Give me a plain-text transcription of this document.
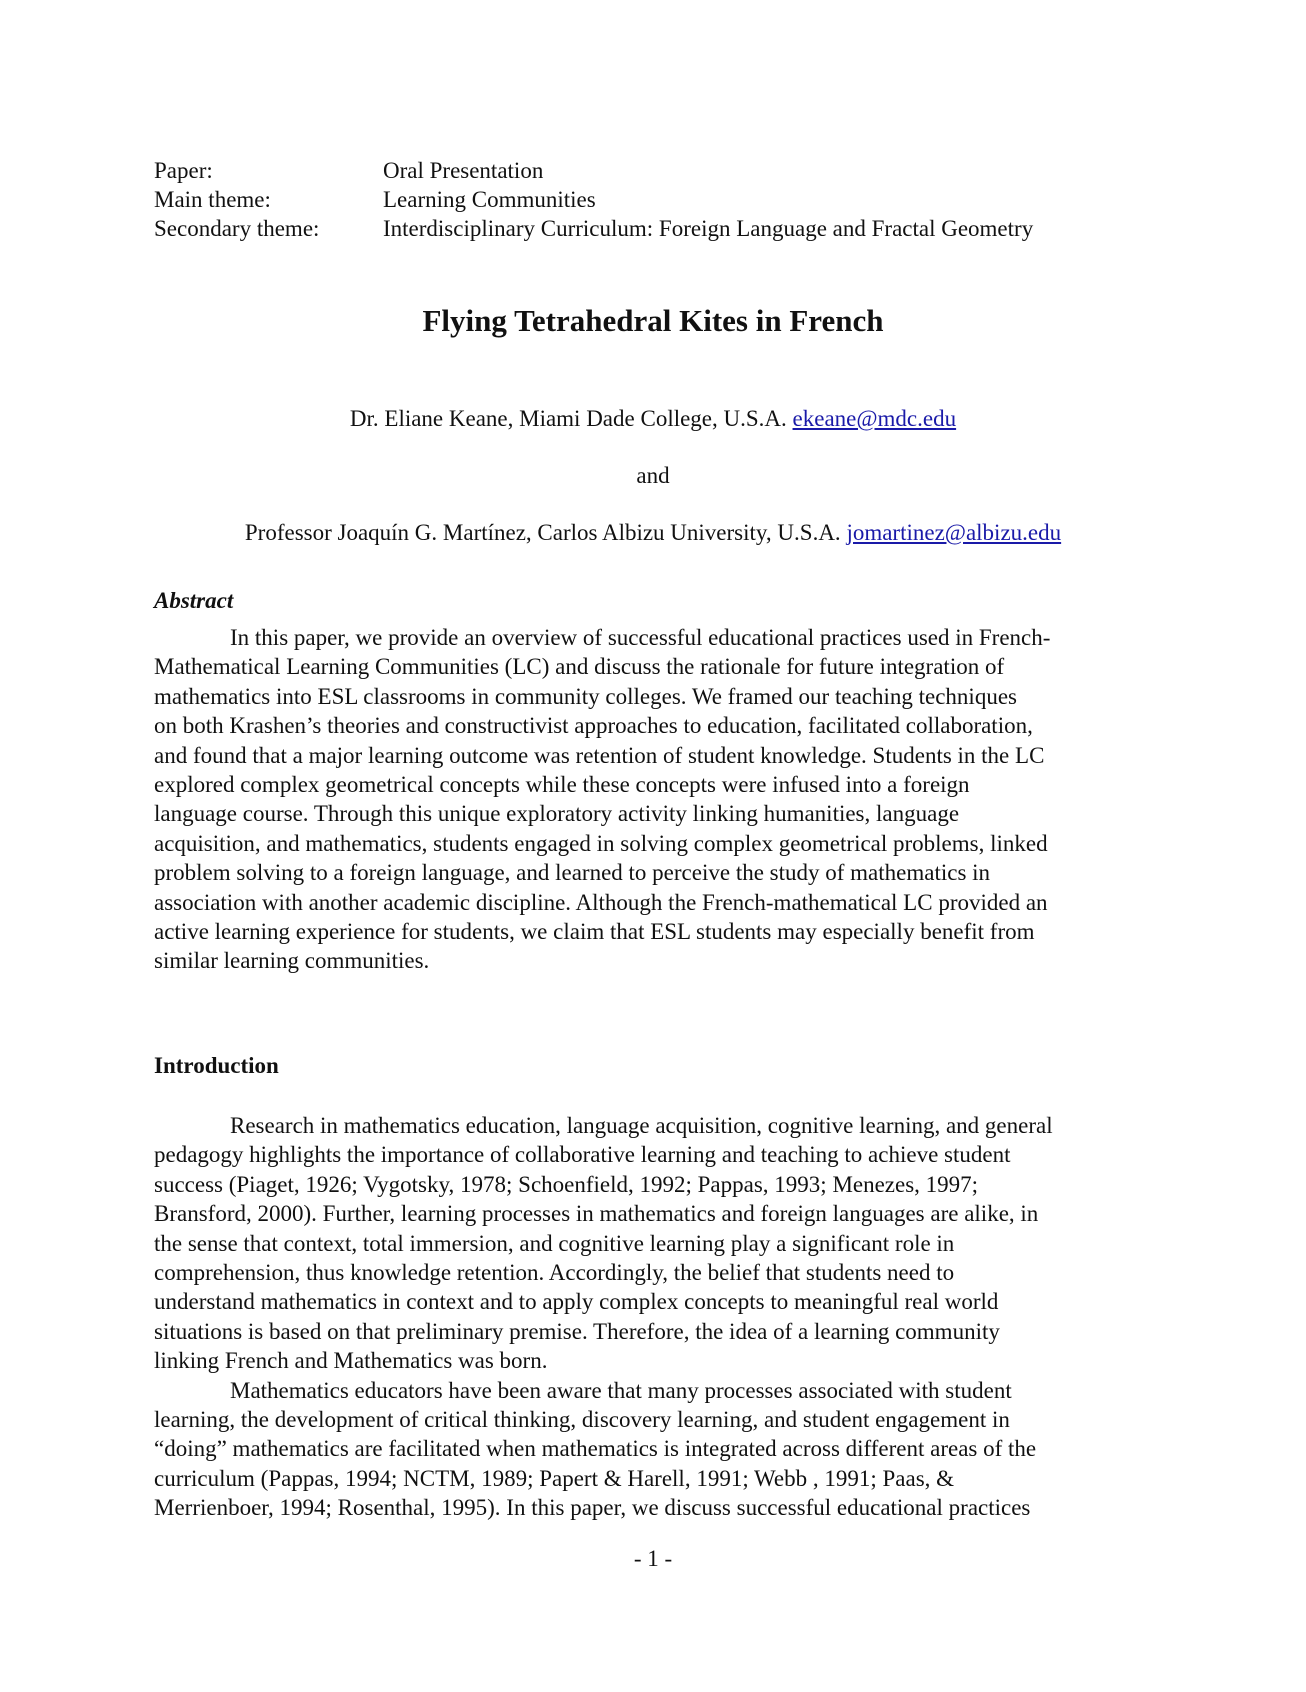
Paper:	Oral Presentation
Main theme:	Learning Communities
Secondary theme:	Interdisciplinary Curriculum: Foreign Language and Fractal Geometry
Flying Tetrahedral Kites in French
Dr. Eliane Keane, Miami Dade College, U.S.A. ekeane@mdc.edu
and
Professor Joaquín G. Martínez, Carlos Albizu University, U.S.A. jomartinez@albizu.edu
Abstract
In this paper, we provide an overview of successful educational practices used in French-
Mathematical Learning Communities (LC) and discuss the rationale for future integration of
mathematics into ESL classrooms in community colleges. We framed our teaching techniques
on both Krashen’s theories and constructivist approaches to education, facilitated collaboration,
and found that a major learning outcome was retention of student knowledge. Students in the LC
explored complex geometrical concepts while these concepts were infused into a foreign
language course. Through this unique exploratory activity linking humanities, language
acquisition, and mathematics, students engaged in solving complex geometrical problems, linked
problem solving to a foreign language, and learned to perceive the study of mathematics in
association with another academic discipline. Although the French-mathematical LC provided an
active learning experience for students, we claim that ESL students may especially benefit from
similar learning communities.
Introduction
Research in mathematics education, language acquisition, cognitive learning, and general
pedagogy highlights the importance of collaborative learning and teaching to achieve student
success (Piaget, 1926; Vygotsky, 1978; Schoenfield, 1992; Pappas, 1993; Menezes, 1997;
Bransford, 2000). Further, learning processes in mathematics and foreign languages are alike, in
the sense that context, total immersion, and cognitive learning play a significant role in
comprehension, thus knowledge retention. Accordingly, the belief that students need to
understand mathematics in context and to apply complex concepts to meaningful real world
situations is based on that preliminary premise. Therefore, the idea of a learning community
linking French and Mathematics was born.
Mathematics educators have been aware that many processes associated with student
learning, the development of critical thinking, discovery learning, and student engagement in
“doing” mathematics are facilitated when mathematics is integrated across different areas of the
curriculum (Pappas, 1994; NCTM, 1989; Papert & Harell, 1991; Webb , 1991; Paas, &
Merrienboer, 1994; Rosenthal, 1995). In this paper, we discuss successful educational practices
- 1 -
